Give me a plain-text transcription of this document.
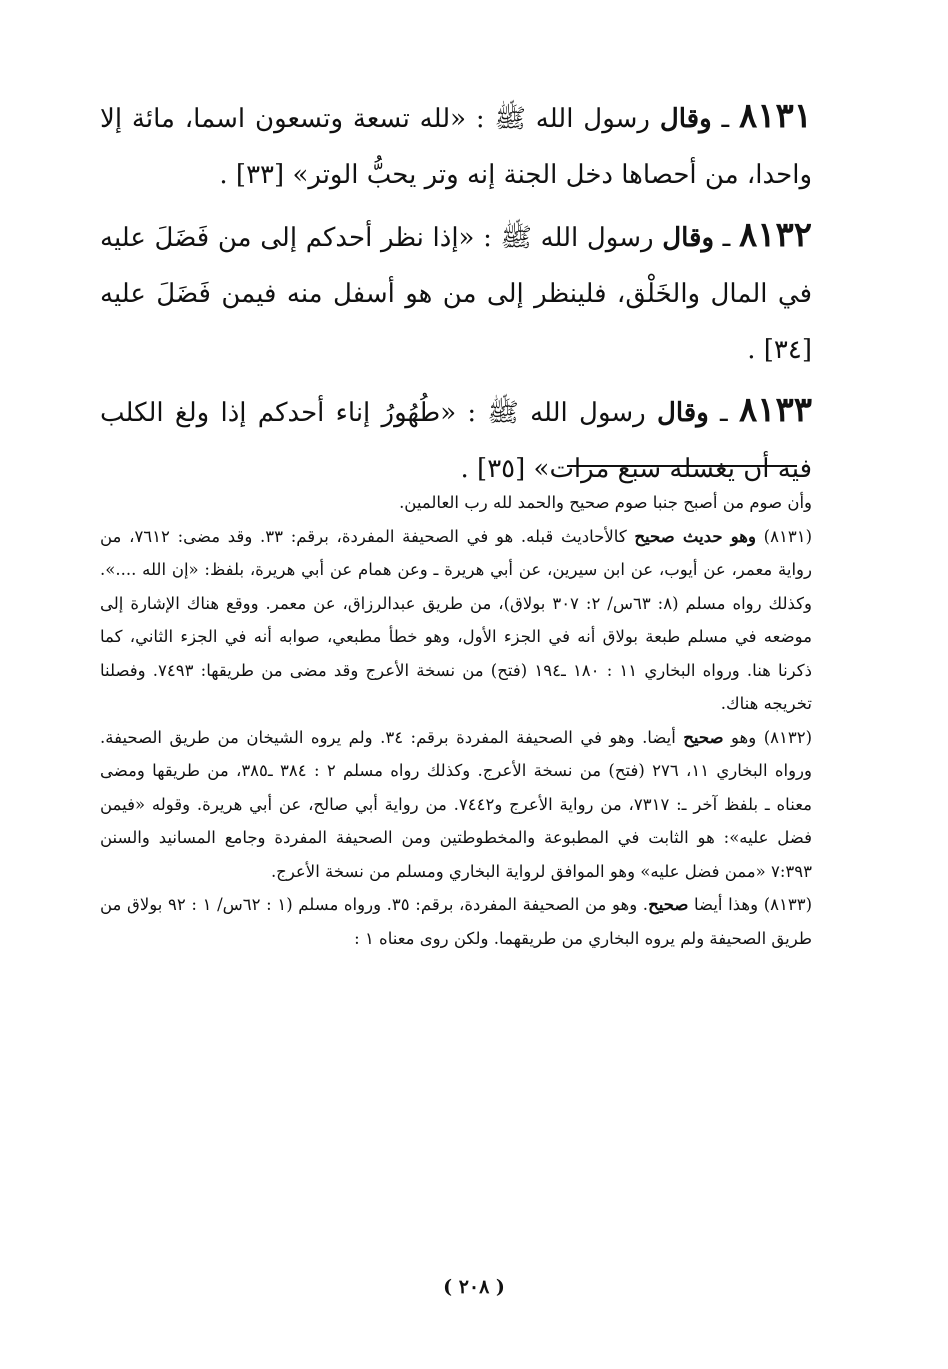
٨١٣١ ـ وقال رسول الله ﷺ : «لله تسعة وتسعون اسما، مائة إلا واحدا، من أحصاها دخل الجنة إنه وتر يحبُّ الوتر» [٣٣] .

٨١٣٢ ـ وقال رسول الله ﷺ : «إذا نظر أحدكم إلى من فَضَلَ عليه في المال والخَلْق، فلينظر إلى من هو أسفل منه فيمن فَضَلَ عليه [٣٤] .

٨١٣٣ ـ وقال رسول الله ﷺ : «طُهُورُ إناء أحدكم إذا ولغ الكلب فيه أن يغسله سبع مرات» [٣٥] .

وأن صوم من أصبح جنبا صوم صحيح والحمد لله رب العالمين.

(٨١٣١) وهو حديث صحيح كالأحاديث قبله. هو في الصحيفة المفردة، برقم: ٣٣. وقد مضى: ٧٦١٢، من رواية معمر، عن أيوب، عن ابن سيرين، عن أبي هريرة ـ وعن همام عن أبي هريرة، بلفظ: «إن الله ....». وكذلك رواه مسلم (٨: ٦٣س/ ٢: ٣٠٧ بولاق)، من طريق عبدالرزاق، عن معمر. ووقع هناك الإشارة إلى موضعه في مسلم طبعة بولاق أنه في الجزء الأول، وهو خطأ مطبعي، صوابه أنه في الجزء الثاني، كما ذكرنا هنا. ورواه البخاري ١١ : ١٨٠ ـ١٩٤ (فتح) من نسخة الأعرج وقد مضى من طريقها: ٧٤٩٣. وفصلنا تخريجه هناك.

(٨١٣٢) وهو صحيح أيضا. وهو في الصحيفة المفردة برقم: ٣٤. ولم يروه الشيخان من طريق الصحيفة. ورواه البخاري ١١، ٢٧٦ (فتح) من نسخة الأعرج. وكذلك رواه مسلم ٢ : ٣٨٤ ـ٣٨٥، من طريقها ومضى معناه ـ بلفظ آخر ـ: ٧٣١٧، من رواية الأعرج و٧٤٤٢. من رواية أبي صالح، عن أبي هريرة. وقوله «فيمن فضل عليه»: هو الثابت في المطبوعة والمخطوطتين ومن الصحيفة المفردة وجامع المسانيد والسنن ٧:٣٩٣ «ممن فضل عليه» وهو الموافق لرواية البخاري ومسلم من نسخة الأعرج.

(٨١٣٣) وهذا أيضا صحيح. وهو من الصحيفة المفردة، برقم: ٣٥. ورواه مسلم (١ : ٦٢س/ ١ : ٩٢ بولاق من طريق الصحيفة ولم يروه البخاري من طريقهما. ولكن روى معناه ١ :

( ٢٠٨ )
